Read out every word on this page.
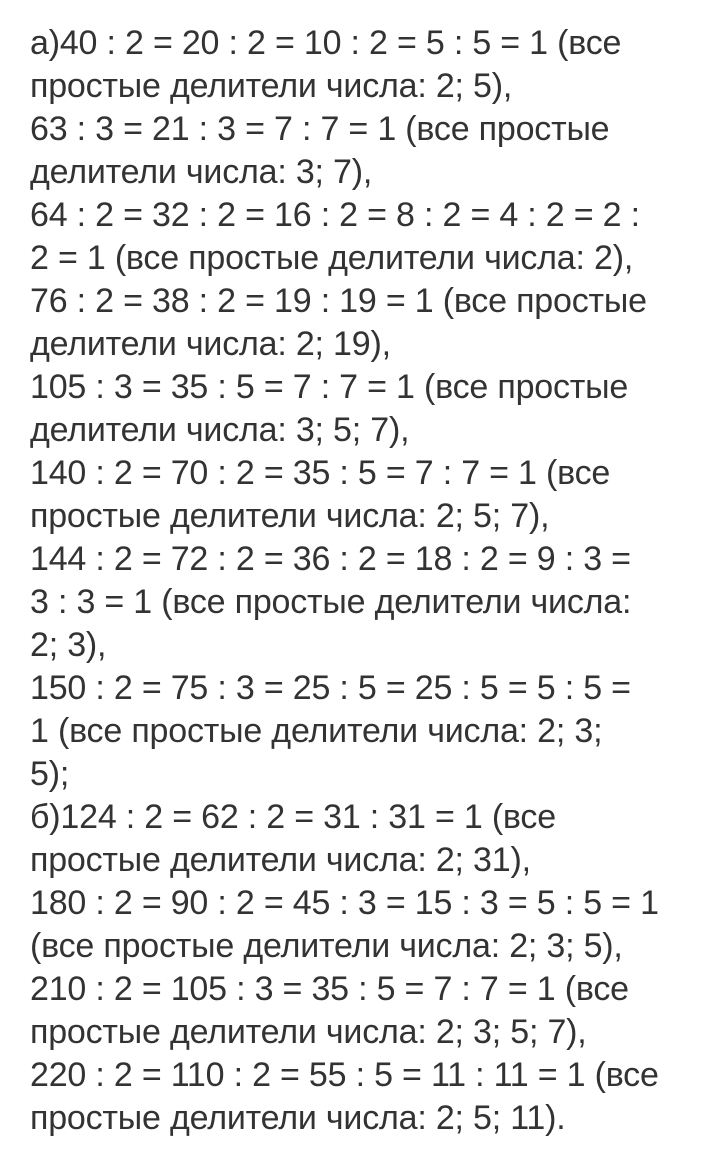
а)40 : 2 = 20 : 2 = 10 : 2 = 5 : 5 = 1 (все
простые делители числа: 2; 5),
63 : 3 = 21 : 3 = 7 : 7 = 1 (все простые
делители числа: 3; 7),
64 : 2 = 32 : 2 = 16 : 2 = 8 : 2 = 4 : 2 = 2 :
2 = 1 (все простые делители числа: 2),
76 : 2 = 38 : 2 = 19 : 19 = 1 (все простые
делители числа: 2; 19),
105 : 3 = 35 : 5 = 7 : 7 = 1 (все простые
делители числа: 3; 5; 7),
140 : 2 = 70 : 2 = 35 : 5 = 7 : 7 = 1 (все
простые делители числа: 2; 5; 7),
144 : 2 = 72 : 2 = 36 : 2 = 18 : 2 = 9 : 3 =
3 : 3 = 1 (все простые делители числа:
2; 3),
150 : 2 = 75 : 3 = 25 : 5 = 25 : 5 = 5 : 5 =
1 (все простые делители числа: 2; 3;
5);
б)124 : 2 = 62 : 2 = 31 : 31 = 1 (все
простые делители числа: 2; 31),
180 : 2 = 90 : 2 = 45 : 3 = 15 : 3 = 5 : 5 = 1
(все простые делители числа: 2; 3; 5),
210 : 2 = 105 : 3 = 35 : 5 = 7 : 7 = 1 (все
простые делители числа: 2; 3; 5; 7),
220 : 2 = 110 : 2 = 55 : 5 = 11 : 11 = 1 (все
простые делители числа: 2; 5; 11).
